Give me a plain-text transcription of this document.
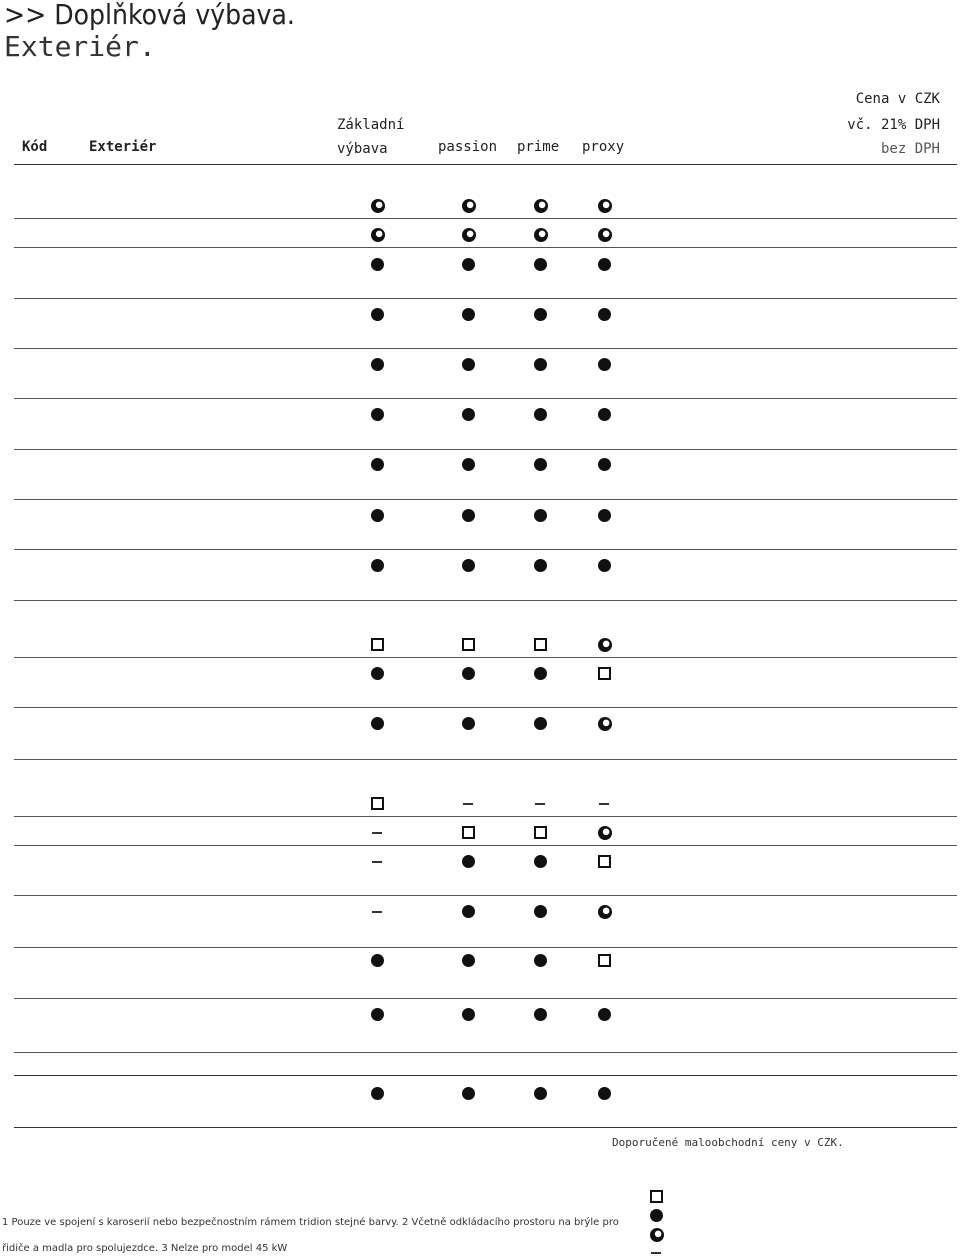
>> Doplňková výbava.
Exteriér.
Kód	Exteriér
Základní
výbava	passion prime proxy
Cena v CZK
vč. 21% DPH
bez DPH
Doporučené maloobchodní ceny v CZK.
1 Pouze ve spojení s karoserií nebo bezpečnostním rámem tridion stejné barvy. 2 Včetně odkládacího prostoru na brýle pro
řidiče a madla pro spolujezdce. 3 Nelze pro model 45 kW
